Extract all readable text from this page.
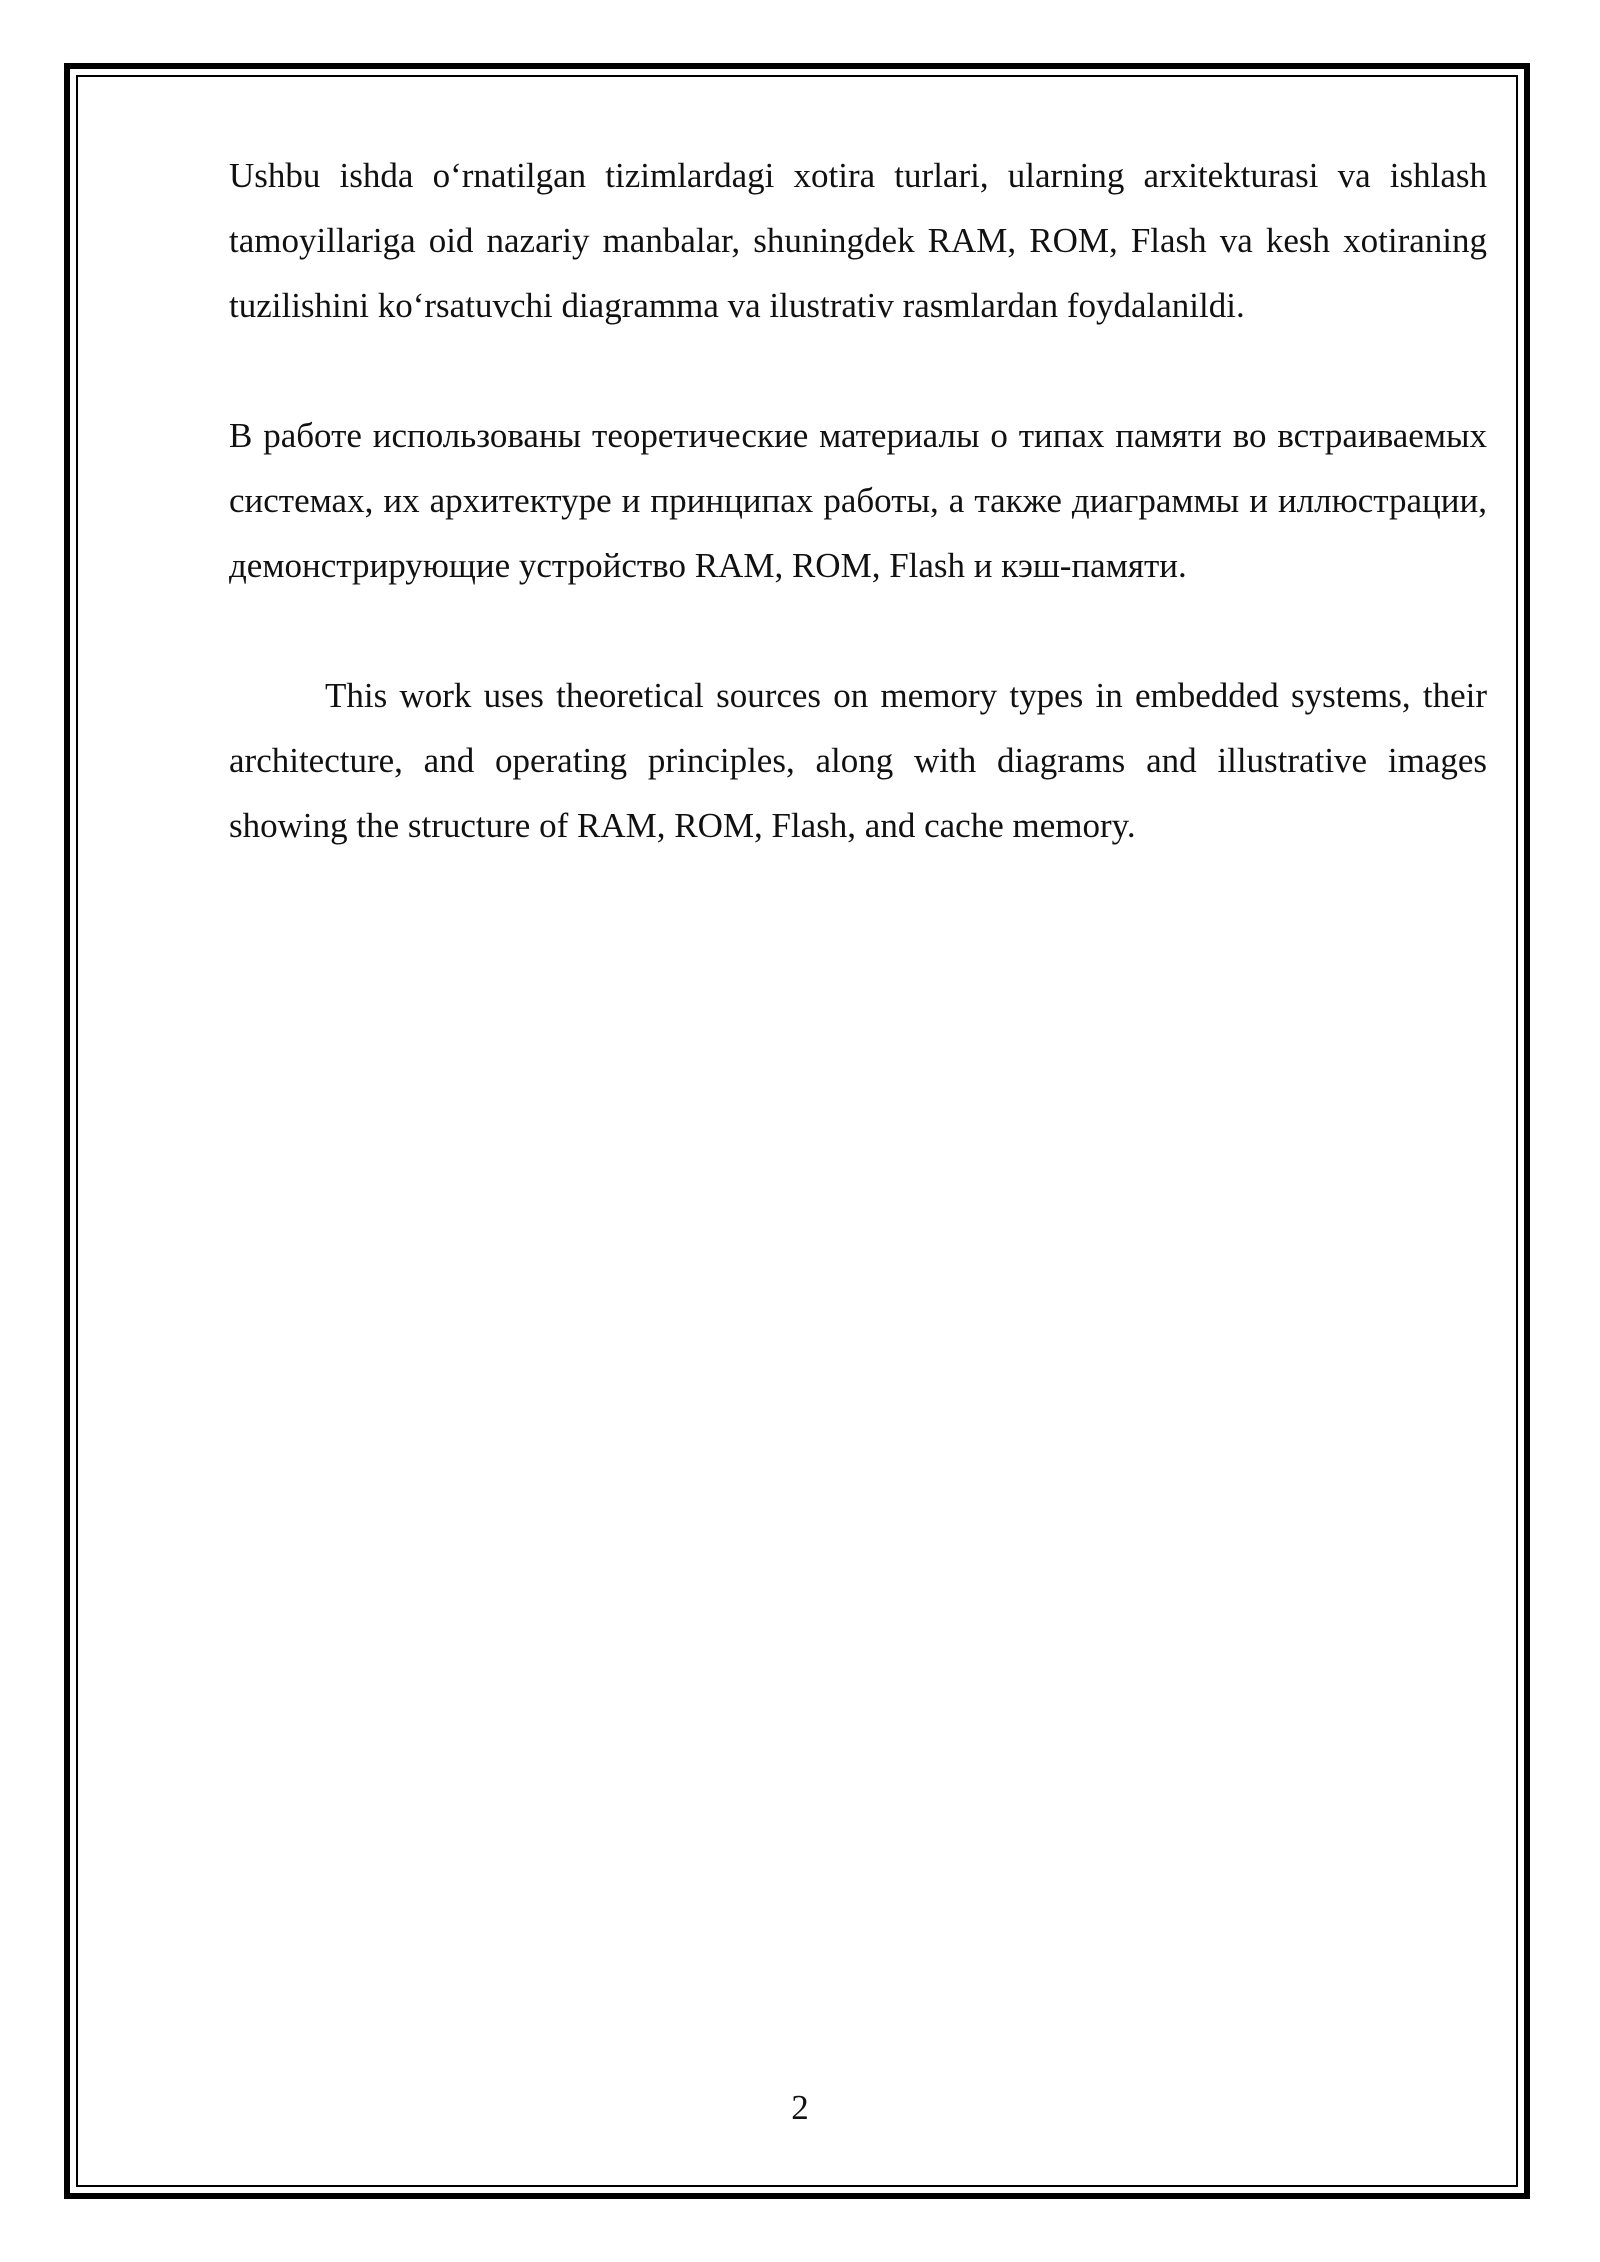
Ushbu ishda o‘rnatilgan tizimlardagi xotira turlari, ularning arxitekturasi va ishlash tamoyillariga oid nazariy manbalar, shuningdek RAM, ROM, Flash va kesh xotiraning tuzilishini ko‘rsatuvchi diagramma va ilustrativ rasmlardan foydalanildi.

В работе использованы теоретические материалы о типах памяти во встраиваемых системах, их архитектуре и принципах работы, а также диаграммы и иллюстрации, демонстрирующие устройство RAM, ROM, Flash и кэш-памяти.

This work uses theoretical sources on memory types in embedded systems, their architecture, and operating principles, along with diagrams and illustrative images showing the structure of RAM, ROM, Flash, and cache memory.

2
